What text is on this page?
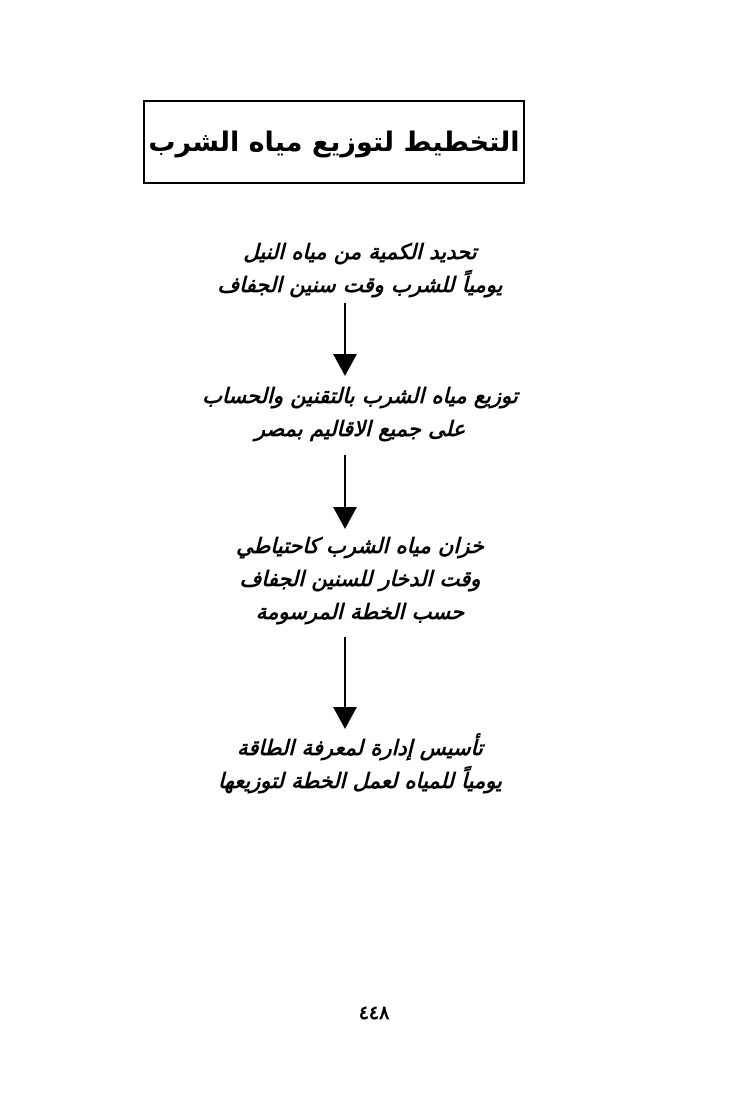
التخطيط لتوزيع مياه الشرب
تحديد الكمية من مياه النيل
يومياً للشرب وقت سنين الجفاف
توزيع مياه الشرب بالتقنين والحساب
على جميع الاقاليم بمصر
خزان مياه الشرب كاحتياطي
وقت الدخار للسنين الجفاف
حسب الخطة المرسومة
تأسيس إدارة لمعرفة الطاقة
يومياً للمياه لعمل الخطة لتوزيعها
٤٤٨
